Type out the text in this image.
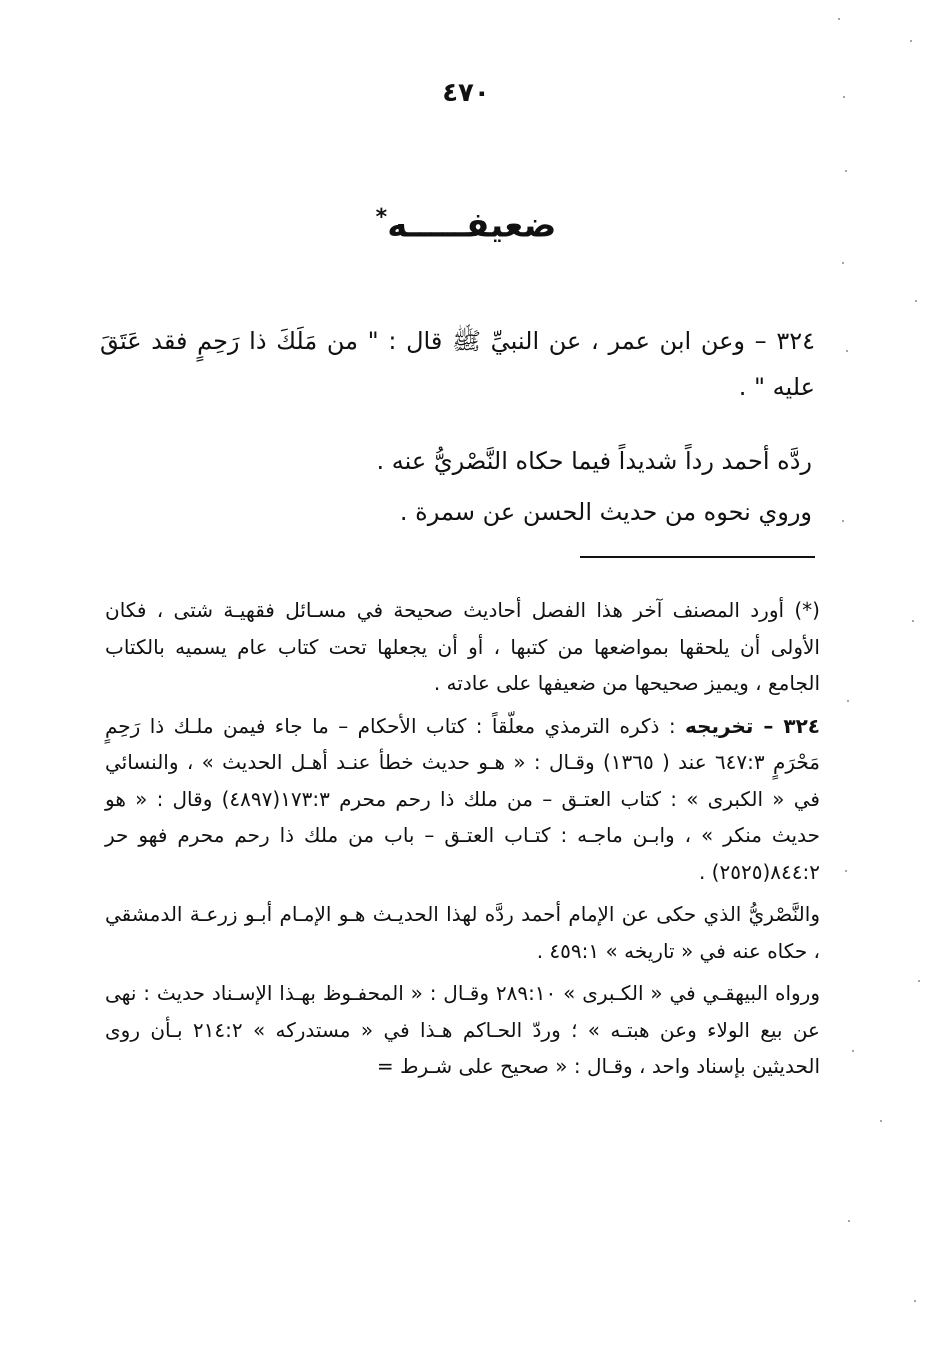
٤٧٠
ضعيفـــــه*
٣٢٤ – وعن ابن عمر ، عن النبيِّ ﷺ قال : " من مَلَكَ ذا رَحِمٍ فقد عَتَقَ عليه " .
ردَّه أحمد رداً شديداً فيما حكاه النَّصْريُّ عنه .
وروي نحوه من حديث الحسن عن سمرة .

(*) أورد المصنف آخر هذا الفصل أحاديث صحيحة في مسـائل فقهيـة شتى ، فكان الأولى أن يلحقها بمواضعها من كتبها ، أو أن يجعلها تحت كتاب عام يسميه بالكتاب الجامع ، ويميز صحيحها من ضعيفها على عادته .

٣٢٤ – تخريجه : ذكره الترمذي معلّقاً : كتاب الأحكام – ما جاء فيمن ملـك ذا رَحِمٍ مَحْرَمٍ ٦٤٧:٣ عند ( ١٣٦٥) وقـال : « هـو حديث خطأ عنـد أهـل الحديث » ، والنسائي في « الكبرى » : كتاب العتـق – من ملك ذا رحم محرم ١٧٣:٣(٤٨٩٧) وقال : « هو حديث منكر » ، وابـن ماجـه : كتـاب العتـق – باب من ملك ذا رحم محرم فهو حر ٨٤٤:٢(٢٥٢٥) .

والنَّصْريُّ الذي حكى عن الإمام أحمد ردَّه لهذا الحديـث هـو الإمـام أبـو زرعـة الدمشقي ، حكاه عنه في « تاريخه » ٤٥٩:١ .

ورواه البيهقـي في « الكـبرى » ٢٨٩:١٠ وقـال : « المحفـوظ بهـذا الإسـناد حديث : نهى عن بيع الولاء وعن هبتـه » ؛ وردّ الحـاكم هـذا في « مستدركه » ٢١٤:٢ بـأن روى الحديثين بإسناد واحد ، وقـال : « صحيح على شـرط =
